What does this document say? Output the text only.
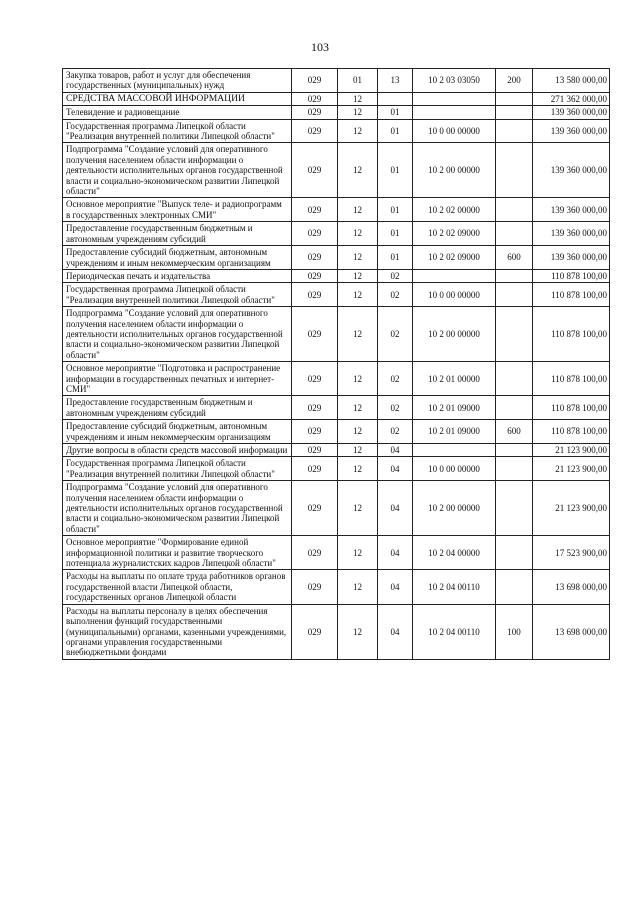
103
Закупка товаров, работ и услуг для обеспечения государственных (муниципальных) нужд	029	01	13	10 2 03 03050	200	13 580 000,00
СРЕДСТВА МАССОВОЙ ИНФОРМАЦИИ	029	12				271 362 000,00
Телевидение и радиовещание	029	12	01			139 360 000,00
Государственная программа Липецкой области "Реализация внутренней политики Липецкой области"	029	12	01	10 0 00 00000		139 360 000,00
Подпрограмма "Создание условий для оперативного получения населением области информации о деятельности исполнительных органов государственной власти и социально-экономическом развитии Липецкой области"	029	12	01	10 2 00 00000		139 360 000,00
Основное мероприятие "Выпуск теле- и радиопрограмм в государственных электронных СМИ"	029	12	01	10 2 02 00000		139 360 000,00
Предоставление государственным бюджетным и автономным учреждениям субсидий	029	12	01	10 2 02 09000		139 360 000,00
Предоставление субсидий бюджетным, автономным учреждениям и иным некоммерческим организациям	029	12	01	10 2 02 09000	600	139 360 000,00
Периодическая печать и издательства	029	12	02			110 878 100,00
Государственная программа Липецкой области "Реализация внутренней политики Липецкой области"	029	12	02	10 0 00 00000		110 878 100,00
Подпрограмма "Создание условий для оперативного получения населением области информации о деятельности исполнительных органов государственной власти и социально-экономическом развитии Липецкой области"	029	12	02	10 2 00 00000		110 878 100,00
Основное мероприятие "Подготовка и распространение информации в государственных печатных и интернет-СМИ"	029	12	02	10 2 01 00000		110 878 100,00
Предоставление государственным бюджетным и автономным учреждениям субсидий	029	12	02	10 2 01 09000		110 878 100,00
Предоставление субсидий бюджетным, автономным учреждениям и иным некоммерческим организациям	029	12	02	10 2 01 09000	600	110 878 100,00
Другие вопросы в области средств массовой информации	029	12	04			21 123 900,00
Государственная программа Липецкой области "Реализация внутренней политики Липецкой области"	029	12	04	10 0 00 00000		21 123 900,00
Подпрограмма "Создание условий для оперативного получения населением области информации о деятельности исполнительных органов государственной власти и социально-экономическом развитии Липецкой области"	029	12	04	10 2 00 00000		21 123 900,00
Основное мероприятие "Формирование единой информационной политики и развитие творческого потенциала журналистских кадров Липецкой области"	029	12	04	10 2 04 00000		17 523 900,00
Расходы на выплаты по оплате труда работников органов государственной власти Липецкой области, государственных органов Липецкой области	029	12	04	10 2 04 00110		13 698 000,00
Расходы на выплаты персоналу в целях обеспечения выполнения функций государственными (муниципальными) органами, казенными учреждениями, органами управления государственными внебюджетными фондами	029	12	04	10 2 04 00110	100	13 698 000,00
